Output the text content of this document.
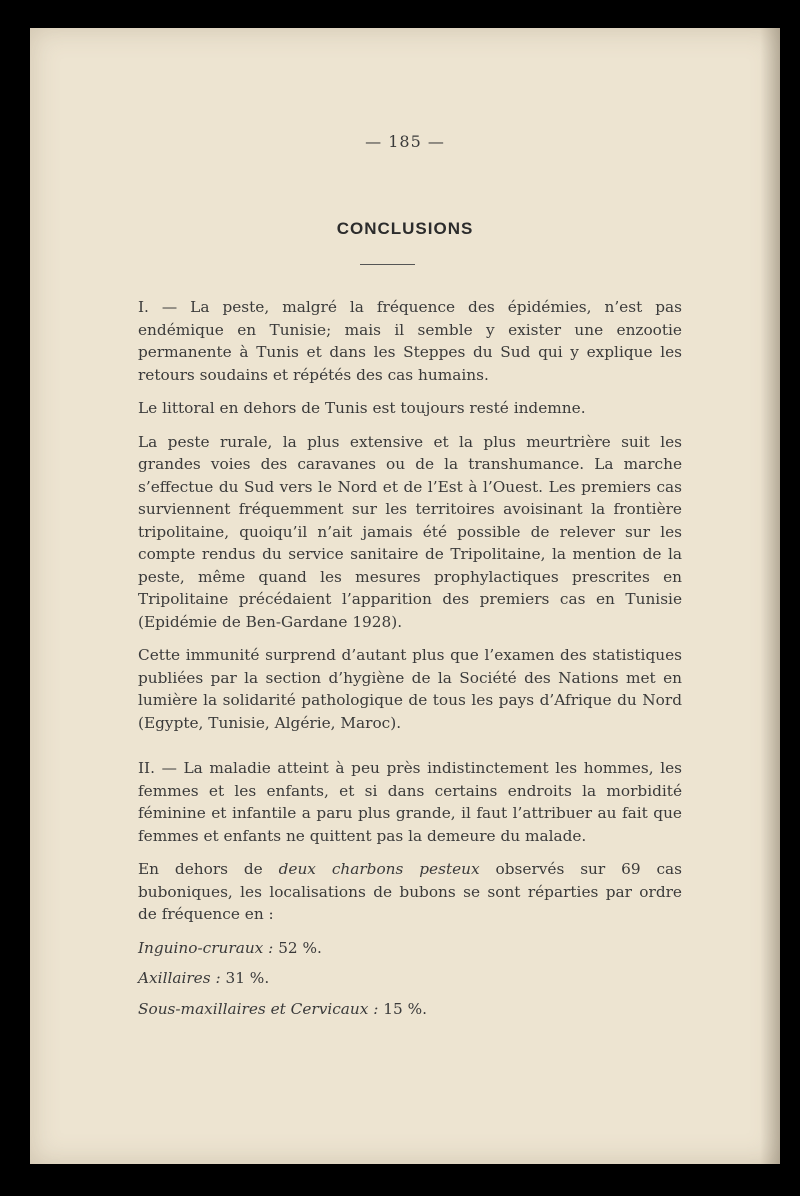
— 185 —
CONCLUSIONS

I. — La peste, malgré la fréquence des épidémies, n’est pas endémique en Tunisie; mais il semble y exister une enzootie permanente à Tunis et dans les Steppes du Sud qui y explique les retours soudains et répétés des cas humains.

Le littoral en dehors de Tunis est toujours resté indemne.

La peste rurale, la plus extensive et la plus meurtrière suit les grandes voies des caravanes ou de la transhumance. La marche s’effectue du Sud vers le Nord et de l’Est à l’Ouest. Les premiers cas surviennent fréquemment sur les territoires avoisinant la frontière tripolitaine, quoiqu’il n’ait jamais été possible de relever sur les compte rendus du service sanitaire de Tripolitaine, la mention de la peste, même quand les mesures prophylactiques prescrites en Tripolitaine précédaient l’apparition des premiers cas en Tunisie (Epidémie de Ben-Gardane 1928).

Cette immunité surprend d’autant plus que l’examen des statistiques publiées par la section d’hygiène de la Société des Nations met en lumière la solidarité pathologique de tous les pays d’Afrique du Nord (Egypte, Tunisie, Algérie, Maroc).

II. — La maladie atteint à peu près indistinctement les hommes, les femmes et les enfants, et si dans certains endroits la morbidité féminine et infantile a paru plus grande, il faut l’attribuer au fait que femmes et enfants ne quittent pas la demeure du malade.

En dehors de deux charbons pesteux observés sur 69 cas buboniques, les localisations de bubons se sont réparties par ordre de fréquence en :

Inguino-cruraux : 52 %.

Axillaires : 31 %.

Sous-maxillaires et Cervicaux : 15 %.
